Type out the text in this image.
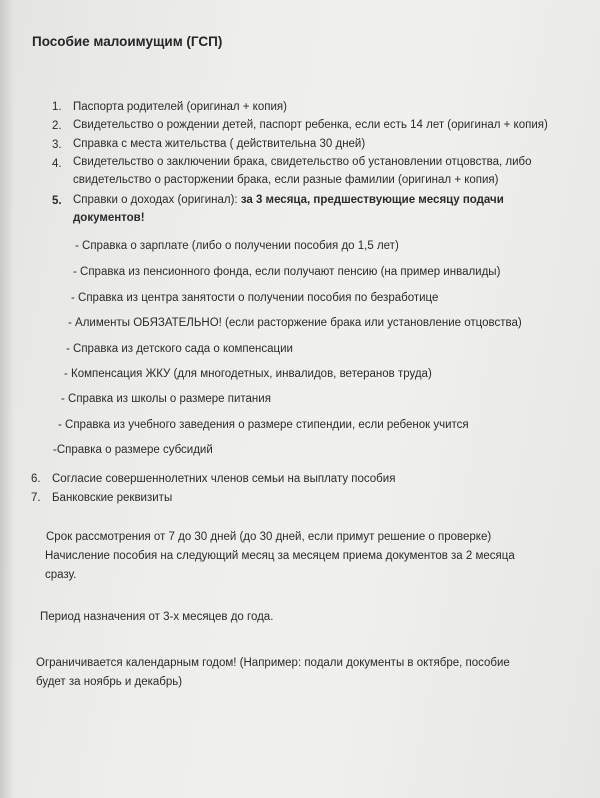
Пособие малоимущим (ГСП)
1. Паспорта родителей (оригинал + копия)
2. Свидетельство о рождении детей, паспорт ребенка, если есть 14 лет (оригинал + копия)
3. Справка с места жительства ( действительна 30 дней)
4. Свидетельство о заключении брака, свидетельство об установлении отцовства, либо
свидетельство о расторжении брака, если разные фамилии (оригинал + копия)
5. Справки о доходах (оригинал): за 3 месяца, предшествующие месяцу подачи
документов!
- Справка о зарплате (либо о получении пособия до 1,5 лет)
- Справка из пенсионного фонда, если получают пенсию (на пример инвалиды)
- Справка из центра занятости о получении пособия по безработице
- Алименты ОБЯЗАТЕЛЬНО! (если расторжение брака или установление отцовства)
- Справка из детского сада о компенсации
- Компенсация ЖКУ (для многодетных, инвалидов, ветеранов труда)
- Справка из школы о размере питания
- Справка из учебного заведения о размере стипендии, если ребенок учится
-Справка о размере субсидий
6. Согласие совершеннолетних членов семьи на выплату пособия
7. Банковские реквизиты
Срок рассмотрения от 7 до 30 дней (до 30 дней, если примут решение о проверке)
Начисление пособия на следующий месяц за месяцем приема документов за 2 месяца
сразу.
Период назначения от 3-х месяцев до года.
Ограничивается календарным годом! (Например: подали документы в октябре, пособие
будет за ноябрь и декабрь)
